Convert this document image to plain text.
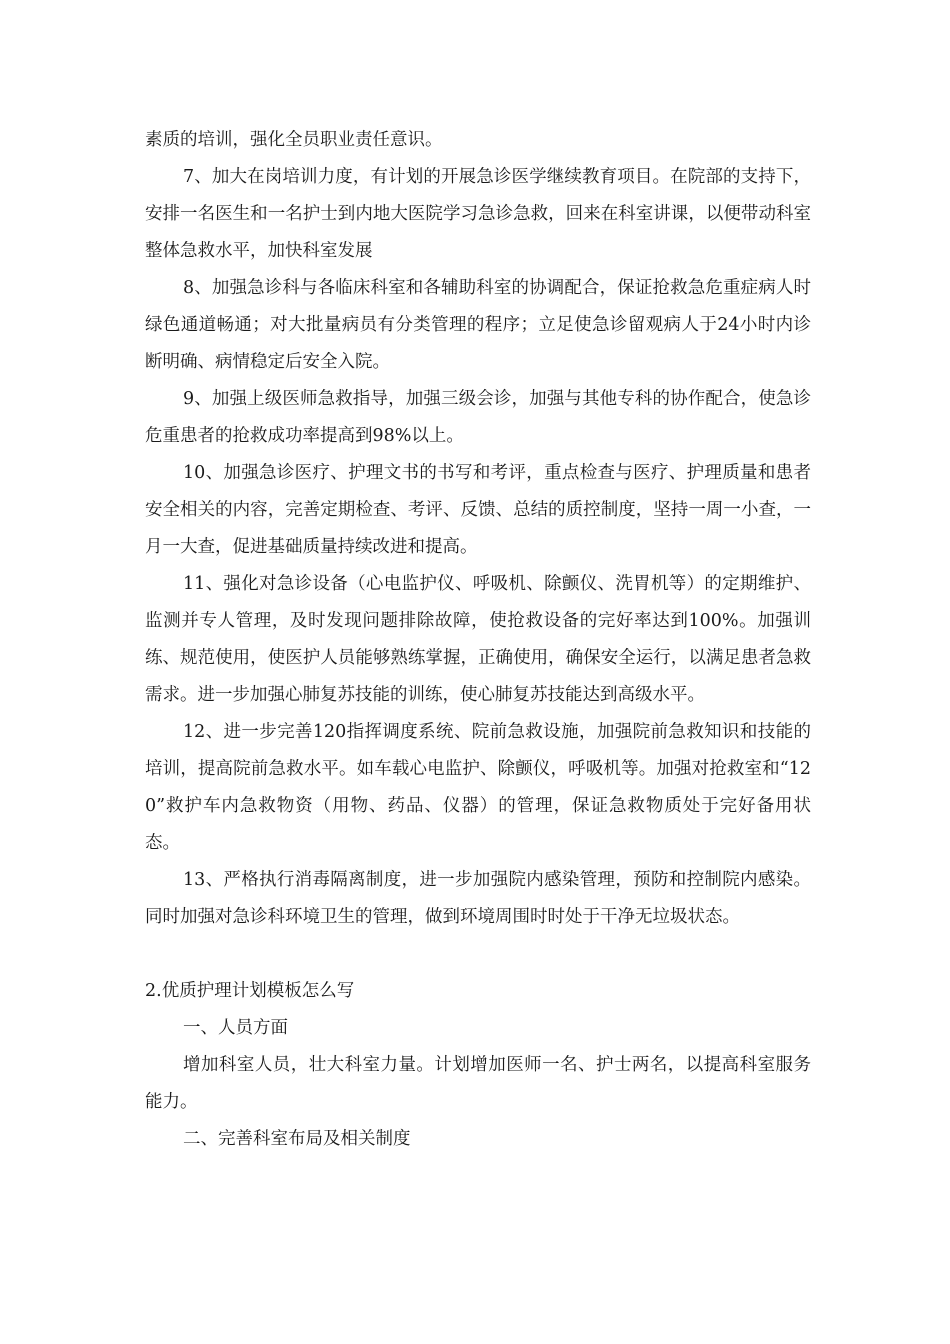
素质的培训，强化全员职业责任意识。

7、加大在岗培训力度，有计划的开展急诊医学继续教育项目。在院部的支持下，安排一名医生和一名护士到内地大医院学习急诊急救，回来在科室讲课，以便带动科室整体急救水平，加快科室发展

8、加强急诊科与各临床科室和各辅助科室的协调配合，保证抢救急危重症病人时绿色通道畅通；对大批量病员有分类管理的程序；立足使急诊留观病人于24小时内诊断明确、病情稳定后安全入院。

9、加强上级医师急救指导，加强三级会诊，加强与其他专科的协作配合，使急诊危重患者的抢救成功率提高到98%以上。

10、加强急诊医疗、护理文书的书写和考评，重点检查与医疗、护理质量和患者安全相关的内容，完善定期检查、考评、反馈、总结的质控制度，坚持一周一小查，一月一大查，促进基础质量持续改进和提高。

11、强化对急诊设备（心电监护仪、呼吸机、除颤仪、洗胃机等）的定期维护、监测并专人管理，及时发现问题排除故障，使抢救设备的完好率达到100%。加强训练、规范使用，使医护人员能够熟练掌握，正确使用，确保安全运行，以满足患者急救需求。进一步加强心肺复苏技能的训练，使心肺复苏技能达到高级水平。

12、进一步完善120指挥调度系统、院前急救设施，加强院前急救知识和技能的培训，提高院前急救水平。如车载心电监护、除颤仪，呼吸机等。加强对抢救室和“120”救护车内急救物资（用物、药品、仪器）的管理，保证急救物质处于完好备用状态。

13、严格执行消毒隔离制度，进一步加强院内感染管理，预防和控制院内感染。同时加强对急诊科环境卫生的管理，做到环境周围时时处于干净无垃圾状态。

2.优质护理计划模板怎么写

一、人员方面

增加科室人员，壮大科室力量。计划增加医师一名、护士两名，以提高科室服务能力。

二、完善科室布局及相关制度
